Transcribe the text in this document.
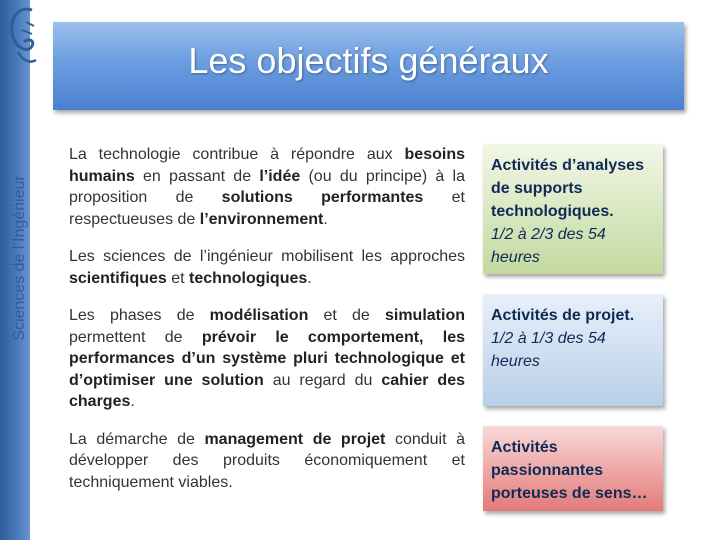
Sciences de l’Ingénieur
Les objectifs généraux

La technologie contribue à répondre aux besoins humains en passant de l’idée (ou du principe) à la proposition de solutions performantes et respectueuses de l’environnement.

Les sciences de l’ingénieur mobilisent les approches scientifiques et technologiques.

Les phases de modélisation et de simulation permettent de prévoir le comportement, les performances d’un système pluri technologique et d’optimiser une solution au regard du cahier des charges.

La démarche de management de projet conduit à développer des produits économiquement et techniquement viables.

Activités d’analyses de supports technologiques.
1/2 à 2/3 des 54 heures
Activités de projet.
1/2 à 1/3 des 54 heures
Activités passionnantes porteuses de sens…
